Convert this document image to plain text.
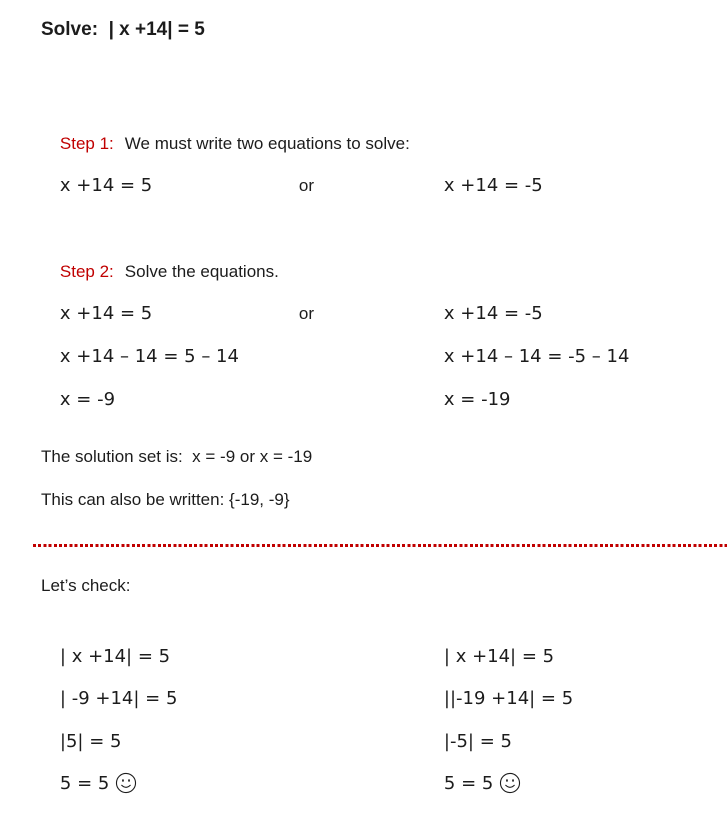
Solve:  | x +14| = 5

Step 1: We must write two equations to solve:

x +14 = 5	or	x +14 = -5

Step 2: Solve the equations.

x +14 = 5	or	x +14 = -5

x +14 – 14 = 5 – 14	x +14 – 14 = -5 – 14

x = -9	x = -19

The solution set is:  x = -9 or x = -19
This can also be written: {-19, -9}
Let’s check:

| x +14| = 5	| x +14| = 5

| -9 +14| = 5	||-19 +14| = 5

|5| = 5	|-5| = 5

5 = 5	5 = 5
